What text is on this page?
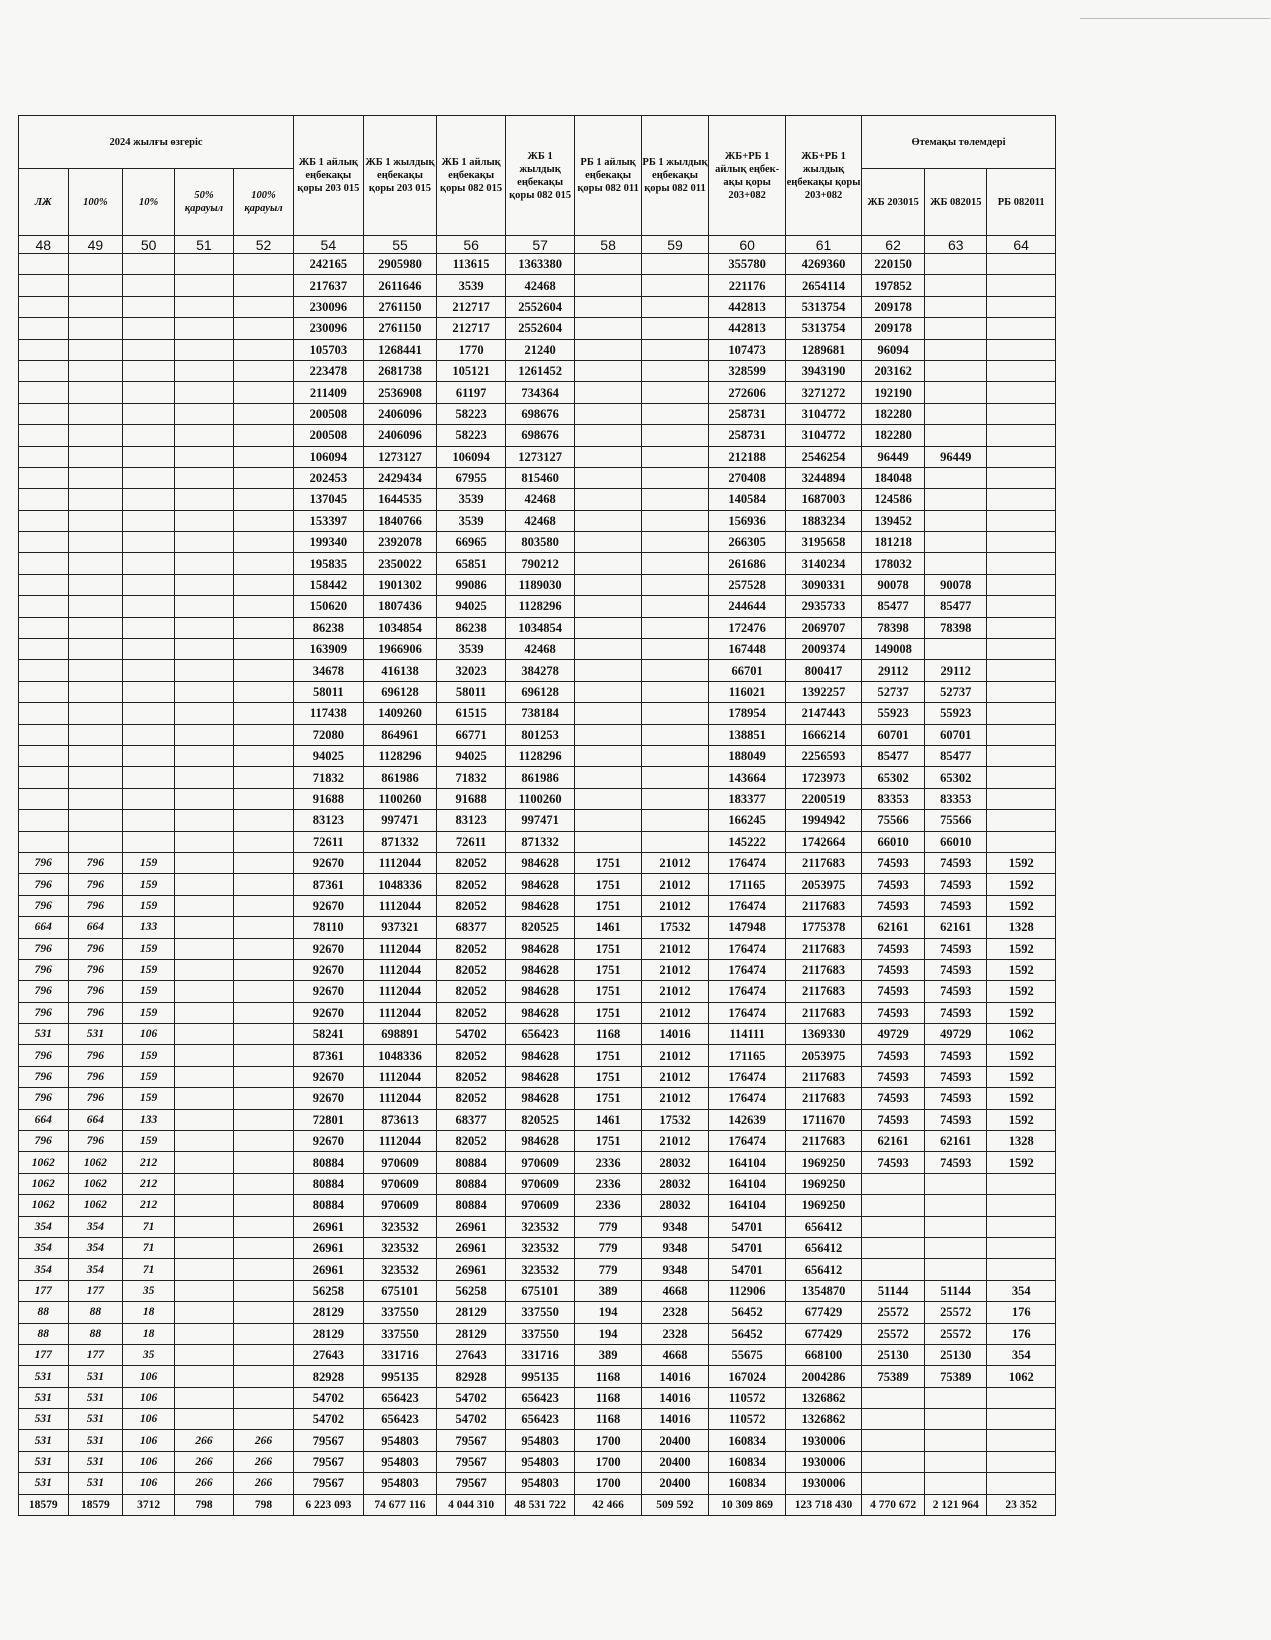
2024 жылғы өзгеріс					ЖБ 1 айлық еңбекақы қоры 203 015	ЖБ 1 жылдық еңбекақы қоры 203 015	ЖБ 1 айлық еңбекақы қоры 082 015	ЖБ 1 жылдық еңбекақы қоры 082 015	РБ 1 айлық еңбекақы қоры 082 011	РБ 1 жылдық еңбекақы қоры 082 011	ЖБ+РБ 1 айлық еңбек-ақы қоры 203+082	ЖБ+РБ 1 жылдық еңбекақы қоры 203+082	Өтемақы төлемдері		
ЛЖ	100%	10%	50% қарауыл	100% қарауыл									ЖБ 203015	ЖБ 082015	РБ 082011
48	49	50	51	52	54	55	56	57	58	59	60	61	62	63	64
					242165	2905980	113615	1363380			355780	4269360	220150		
					217637	2611646	3539	42468			221176	2654114	197852		
					230096	2761150	212717	2552604			442813	5313754	209178		
					230096	2761150	212717	2552604			442813	5313754	209178		
					105703	1268441	1770	21240			107473	1289681	96094		
					223478	2681738	105121	1261452			328599	3943190	203162		
					211409	2536908	61197	734364			272606	3271272	192190		
					200508	2406096	58223	698676			258731	3104772	182280		
					200508	2406096	58223	698676			258731	3104772	182280		
					106094	1273127	106094	1273127			212188	2546254	96449	96449	
					202453	2429434	67955	815460			270408	3244894	184048		
					137045	1644535	3539	42468			140584	1687003	124586		
					153397	1840766	3539	42468			156936	1883234	139452		
					199340	2392078	66965	803580			266305	3195658	181218		
					195835	2350022	65851	790212			261686	3140234	178032		
					158442	1901302	99086	1189030			257528	3090331	90078	90078	
					150620	1807436	94025	1128296			244644	2935733	85477	85477	
					86238	1034854	86238	1034854			172476	2069707	78398	78398	
					163909	1966906	3539	42468			167448	2009374	149008		
					34678	416138	32023	384278			66701	800417	29112	29112	
					58011	696128	58011	696128			116021	1392257	52737	52737	
					117438	1409260	61515	738184			178954	2147443	55923	55923	
					72080	864961	66771	801253			138851	1666214	60701	60701	
					94025	1128296	94025	1128296			188049	2256593	85477	85477	
					71832	861986	71832	861986			143664	1723973	65302	65302	
					91688	1100260	91688	1100260			183377	2200519	83353	83353	
					83123	997471	83123	997471			166245	1994942	75566	75566	
					72611	871332	72611	871332			145222	1742664	66010	66010	
796	796	159			92670	1112044	82052	984628	1751	21012	176474	2117683	74593	74593	1592
796	796	159			87361	1048336	82052	984628	1751	21012	171165	2053975	74593	74593	1592
796	796	159			92670	1112044	82052	984628	1751	21012	176474	2117683	74593	74593	1592
664	664	133			78110	937321	68377	820525	1461	17532	147948	1775378	62161	62161	1328
796	796	159			92670	1112044	82052	984628	1751	21012	176474	2117683	74593	74593	1592
796	796	159			92670	1112044	82052	984628	1751	21012	176474	2117683	74593	74593	1592
796	796	159			92670	1112044	82052	984628	1751	21012	176474	2117683	74593	74593	1592
796	796	159			92670	1112044	82052	984628	1751	21012	176474	2117683	74593	74593	1592
531	531	106			58241	698891	54702	656423	1168	14016	114111	1369330	49729	49729	1062
796	796	159			87361	1048336	82052	984628	1751	21012	171165	2053975	74593	74593	1592
796	796	159			92670	1112044	82052	984628	1751	21012	176474	2117683	74593	74593	1592
796	796	159			92670	1112044	82052	984628	1751	21012	176474	2117683	74593	74593	1592
664	664	133			72801	873613	68377	820525	1461	17532	142639	1711670	74593	74593	1592
796	796	159			92670	1112044	82052	984628	1751	21012	176474	2117683	62161	62161	1328
1062	1062	212			80884	970609	80884	970609	2336	28032	164104	1969250	74593	74593	1592
1062	1062	212			80884	970609	80884	970609	2336	28032	164104	1969250			
1062	1062	212			80884	970609	80884	970609	2336	28032	164104	1969250			
354	354	71			26961	323532	26961	323532	779	9348	54701	656412			
354	354	71			26961	323532	26961	323532	779	9348	54701	656412			
354	354	71			26961	323532	26961	323532	779	9348	54701	656412			
177	177	35			56258	675101	56258	675101	389	4668	112906	1354870	51144	51144	354
88	88	18			28129	337550	28129	337550	194	2328	56452	677429	25572	25572	176
88	88	18			28129	337550	28129	337550	194	2328	56452	677429	25572	25572	176
177	177	35			27643	331716	27643	331716	389	4668	55675	668100	25130	25130	354
531	531	106			82928	995135	82928	995135	1168	14016	167024	2004286	75389	75389	1062
531	531	106			54702	656423	54702	656423	1168	14016	110572	1326862			
531	531	106			54702	656423	54702	656423	1168	14016	110572	1326862			
531	531	106	266	266	79567	954803	79567	954803	1700	20400	160834	1930006			
531	531	106	266	266	79567	954803	79567	954803	1700	20400	160834	1930006			
531	531	106	266	266	79567	954803	79567	954803	1700	20400	160834	1930006			
18579	18579	3712	798	798	6 223 093	74 677 116	4 044 310	48 531 722	42 466	509 592	10 309 869	123 718 430	4 770 672	2 121 964	23 352
